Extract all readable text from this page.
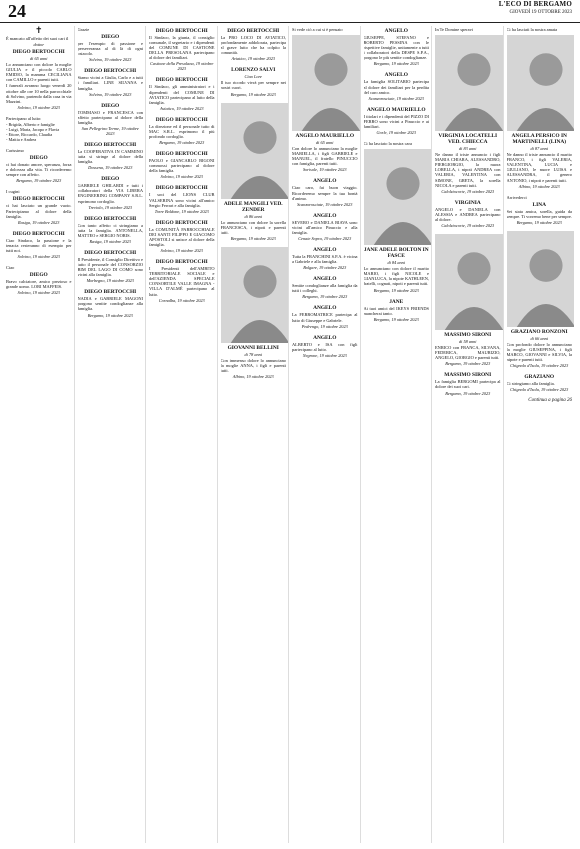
24	L'ECO DI BERGAMO
GIOVEDÌ 19 OTTOBRE 2023
✝
È mancato all'affetto dei suoi cari il
dottor
DIEGO BERTOCCHI
di 65 anni
Lo annunciano con dolore la moglie GIULIA e il piccolo CARLO EMIDIO, la mamma CECILIANA con CAMILLO e parenti tutti.
I funerali avranno luogo venerdì 20 ottobre alle ore 10 nella parrocchiale di Solvino, partendo dalla casa in via Mazzini.
Solvino, 19 ottobre 2023
Partecipano al lutto:
- Brigida, Alberto e famiglie
- Luigi, Maria, Jacopo e Flavia
- Ettore, Riccardo, Claudia
- Mattia e Andrea
Carissimo
DIEGO
ci hai donato amore, speranza, forza e dolcezza alla vita. Ti ricorderemo sempre con affetto.
Bergamo, 19 ottobre 2023
I cugini
DIEGO BERTOCCHI
ci hai lasciato un grande vuoto. Partecipiamo al dolore della famiglia.
Rasiga, 19 ottobre 2023
DIEGO BERTOCCHI
Ciao Sindaco, la passione e la tenacia resteranno di esempio per tutti noi.
Solvino, 19 ottobre 2023
Ciao
DIEGO
Bravo calciatore, amico prezioso e grande uomo. LORI MAFFEIS.
Solvino, 19 ottobre 2023
Grazie
DIEGO
per l'esempio di passione e perseveranza al di là di ogni ostacolo.
Solvino, 19 ottobre 2023
DIEGO BERTOCCHI
Siamo vicini a Giulia, Carlo e a tutti i familiari. LINE SILVANA e famiglia.
Solvino, 19 ottobre 2023
DIEGO
TOMMASO e FRANCESCA con affetto partecipano al dolore della famiglia.
San Pellegrino Terme, 19 ottobre 2023
DIEGO BERTOCCHI
La COOPERATIVA IN CAMMINO tutta si stringe al dolore della famiglia.
Dossena, 19 ottobre 2023
DIEGO
GABRIELE GHILARDI e tutti i collaboratori della VIA LIBERA ENGINEERING COMPANY S.R.L. esprimono cordoglio.
Treviolo, 19 ottobre 2023
DIEGO BERTOCCHI
Con tanto affetto ci stringiamo a tutta la famiglia. ANTONELLA, MATTEO e SERGIO NORIS.
Rasiga, 19 ottobre 2023
DIEGO BERTOCCHI
Il Presidente, il Consiglio Direttivo e tutto il personale del CONSORZIO BIM DEL LAGO DI COMO sono vicini alla famiglia.
Morbegno, 19 ottobre 2023
DIEGO BERTOCCHI
NADIA e GABRIELE MAGONI porgono sentite condoglianze alla famiglia.
Bergamo, 19 ottobre 2023
DIEGO BERTOCCHI
Il Sindaco, la giunta, il consiglio comunale, il segretario e i dipendenti del COMUNE DI CASTIONE DELLA PRESOLANA partecipano al dolore dei familiari.
Castione della Presolana, 19 ottobre 2023
DIEGO BERTOCCHI
Il Sindaco, gli amministratori e i dipendenti del COMUNE DI AVIATICO partecipano al lutto della famiglia.
Aviatico, 19 ottobre 2023
DIEGO BERTOCCHI
La direzione ed il personale tutto di MAC S.R.L. esprimono il più profondo cordoglio.
Bergamo, 19 ottobre 2023
DIEGO BERTOCCHI
PAOLO e GIANCARLO BIGONI commossi partecipano al dolore della famiglia.
Solvino, 19 ottobre 2023
DIEGO BERTOCCHI
I soci del LIONS CLUB VALSERINA sono vicini all'amico Sergio Ferrari e alla famiglia.
Torre Boldone, 19 ottobre 2023
DIEGO BERTOCCHI
La COMUNITÀ PARROCCHIALE DEI SANTI FILIPPO E GIACOMO APOSTOLI si unisce al dolore della famiglia.
Solvino, 19 ottobre 2023
DIEGO BERTOCCHI
I Presidenti dell'AMBITO TERRITORIALE SOCIALE e dell'AZIENDA SPECIALE CONSORTILE VALLE IMAGNA - VILLA D'ALMÈ partecipano al lutto.
Cornalba, 19 ottobre 2023
DIEGO BERTOCCHI
La PRO LOCO DI AVIATICO, profondamente addolorata, partecipa al grave lutto che ha colpito la comunità.
Aviatico, 19 ottobre 2023
LORENZO SALVI
Ciao Lore
Il tuo ricordo vivrà per sempre nei nostri cuori.
Bergamo, 19 ottobre 2023
ADELE MANGILI VED. ZENDER
di 86 anni
Lo annunciano con dolore la sorella FRANCESCA, i nipoti e parenti tutti.
Bergamo, 19 ottobre 2023
GIOVANNI BELLINI
di 78 anni
Con immenso dolore lo annunciano la moglie ANNA, i figli e parenti tutti.
Albino, 19 ottobre 2023
Si vede ciò a cui si è pensato
ANGELO MAURIELLO
di 65 anni
Con dolore lo annunciano la moglie MARIELLA, i figli GABRIELE e MANUEL, il fratello PINUCCIO con famiglia, parenti tutti.
Sorisole, 19 ottobre 2023
ANGELO
Ciao caro, fai buon viaggio. Ricorderemo sempre la tua bontà d'animo.
Scanzorosciate, 19 ottobre 2023
ANGELO
SEVERO e DANIELA BIAVA sono vicini all'amico Pinuccio e alla famiglia.
Cenate Sopra, 19 ottobre 2023
ANGELO
Tutta la FRANCHINI S.P.A. è vicina a Gabriele e alla famiglia.
Bolgare, 19 ottobre 2023
ANGELO
Sentite condoglianze alla famiglia da tutti i colleghi.
Bergamo, 19 ottobre 2023
ANGELO
La FERROMATRICE partecipa al lutto di Giuseppe e Gabriele.
Pedrengo, 19 ottobre 2023
ANGELO
ALBERTO e ISA con figli partecipano al lutto.
Negrone, 19 ottobre 2023
ANGELO
GIUSEPPE, STEFANO e ROBERTO PESSINA con le rispettive famiglie, unitamente a tutti i collaboratori della DESPE S.P.A., porgono le più sentite condoglianze.
Bergamo, 19 ottobre 2023
ANGELO
La famiglia SOLITARIO partecipa al dolore dei familiari per la perdita del caro amico.
Scanzorosciate, 19 ottobre 2023
ANGELO MAURIELLO
I titolari e i dipendenti del PIZZO DI FERRO sono vicini a Pinuccio e ai familiari.
Gorle, 19 ottobre 2023
Ci ha lasciato la nostra cara
JANE ADELE BOLTON IN FASCE
di 84 anni
Lo annunciano con dolore il marito MARIO, i figli NICOLE e GIANLUCA, la nipote KATHLEEN, fratelli, cognati, nipoti e parenti tutti.
Bergamo, 19 ottobre 2023
JANE
Ai tuoi amici del IKEYS FRIENDS mancherai tanto.
Bergamo, 19 ottobre 2023
In Te Domine speravi
VIRGINIA LOCATELLI VED. CHIECCA
di 83 anni
Ne danno il triste annuncio i figli MARIA CHIARA, ALESSANDRO, PIERGIORGIO, la nuora LORELLA, i nipoti ANDREA con VALERIA, VALENTINA con SIMONE, GRETA, la sorella NICOLA e parenti tutti.
Calolziocorte, 19 ottobre 2023
VIRGINIA
ANGELO e DANIELA con ALESSIA e ANDREA partecipano al dolore.
Calolziocorte, 19 ottobre 2023
MASSIMO SIRONI
di 58 anni
ENRICO con FRANCA, SILVANA, FEDERICA, MAURIZIO, ANGELO, GIORGIO e parenti tutti.
Bergamo, 19 ottobre 2023
MASSIMO SIRONI
La famiglia BERGOMI partecipa al dolore dei suoi cari.
Bergamo, 19 ottobre 2023
Ci ha lasciati la nostra amata
ANGELA PERSICO IN MARTINELLI (LINA)
di 87 anni
Ne danno il triste annuncio il marito FRANCO, i figli VALERIA, VALENTINA, LUCIA e GIULIANO, le nuore LUISA e ALESSANDRA, il genero ANTONIO, i nipoti e parenti tutti.
Albino, 19 ottobre 2023
Arrivederci
LINA
Sei stata amica, sorella, guida da sempre. Ti vorremo bene per sempre.
Bergamo, 19 ottobre 2023
GRAZIANO RONZONI
di 66 anni
Con profondo dolore lo annunciano la moglie GIUSEPPINA, i figli MARCO, GIOVANNI e SILVIA, la nipote e parenti tutti.
Chignolo d'Isola, 19 ottobre 2023
GRAZIANO
Ci stringiamo alla famiglia.
Chignolo d'Isola, 19 ottobre 2023
Continua a pagina 26
